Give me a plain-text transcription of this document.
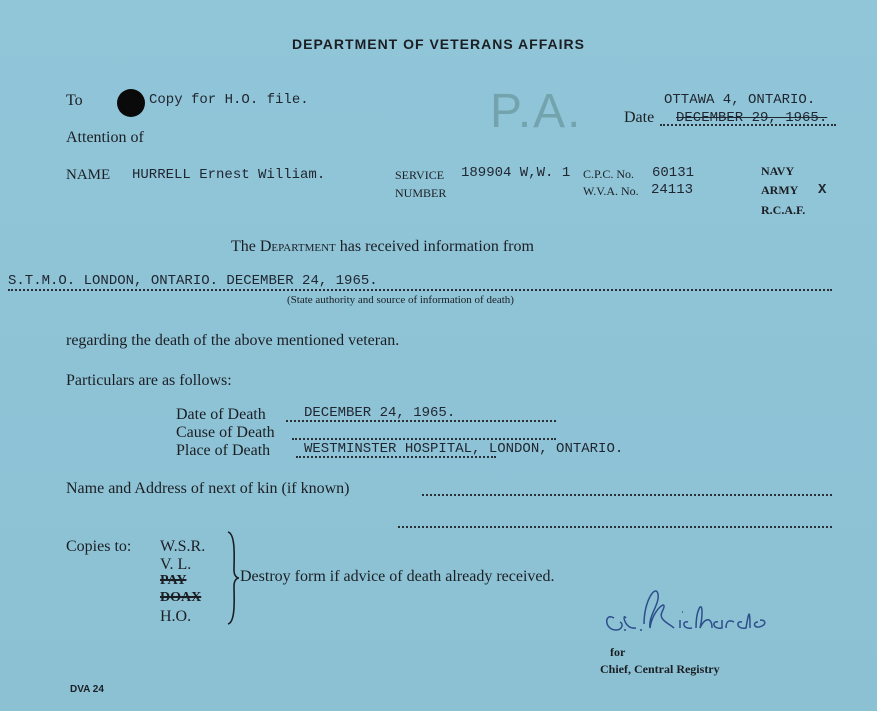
DEPARTMENT OF VETERANS AFFAIRS
To	Copy for H.O. file.
Attention of	P.A.	OTTAWA 4, ONTARIO.
Date DECEMBER 29, 1965.
NAME HURRELL Ernest William.	SERVICE
NUMBER
189904 W,W. 1 C.P.C. No. 60131
W.V.A. No. 24113
NAVY
ARMY X
R.C.A.F.
The Department has received information from
S.T.M.O. LONDON, ONTARIO. DECEMBER 24, 1965.
(State authority and source of information of death)
regarding the death of the above mentioned veteran.
Particulars are as follows:
Date of Death	DECEMBER 24, 1965.
Cause of Death
Place of Death WESTMINSTER HOSPITAL, LONDON, ONTARIO.
Name and Address of next of kin (if known)
Copies to: W.S.R.
V. L.
PAY
DOAX
H.O.
Destroy form if advice of death already received.
for
Chief, Central Registry
DVA 24
